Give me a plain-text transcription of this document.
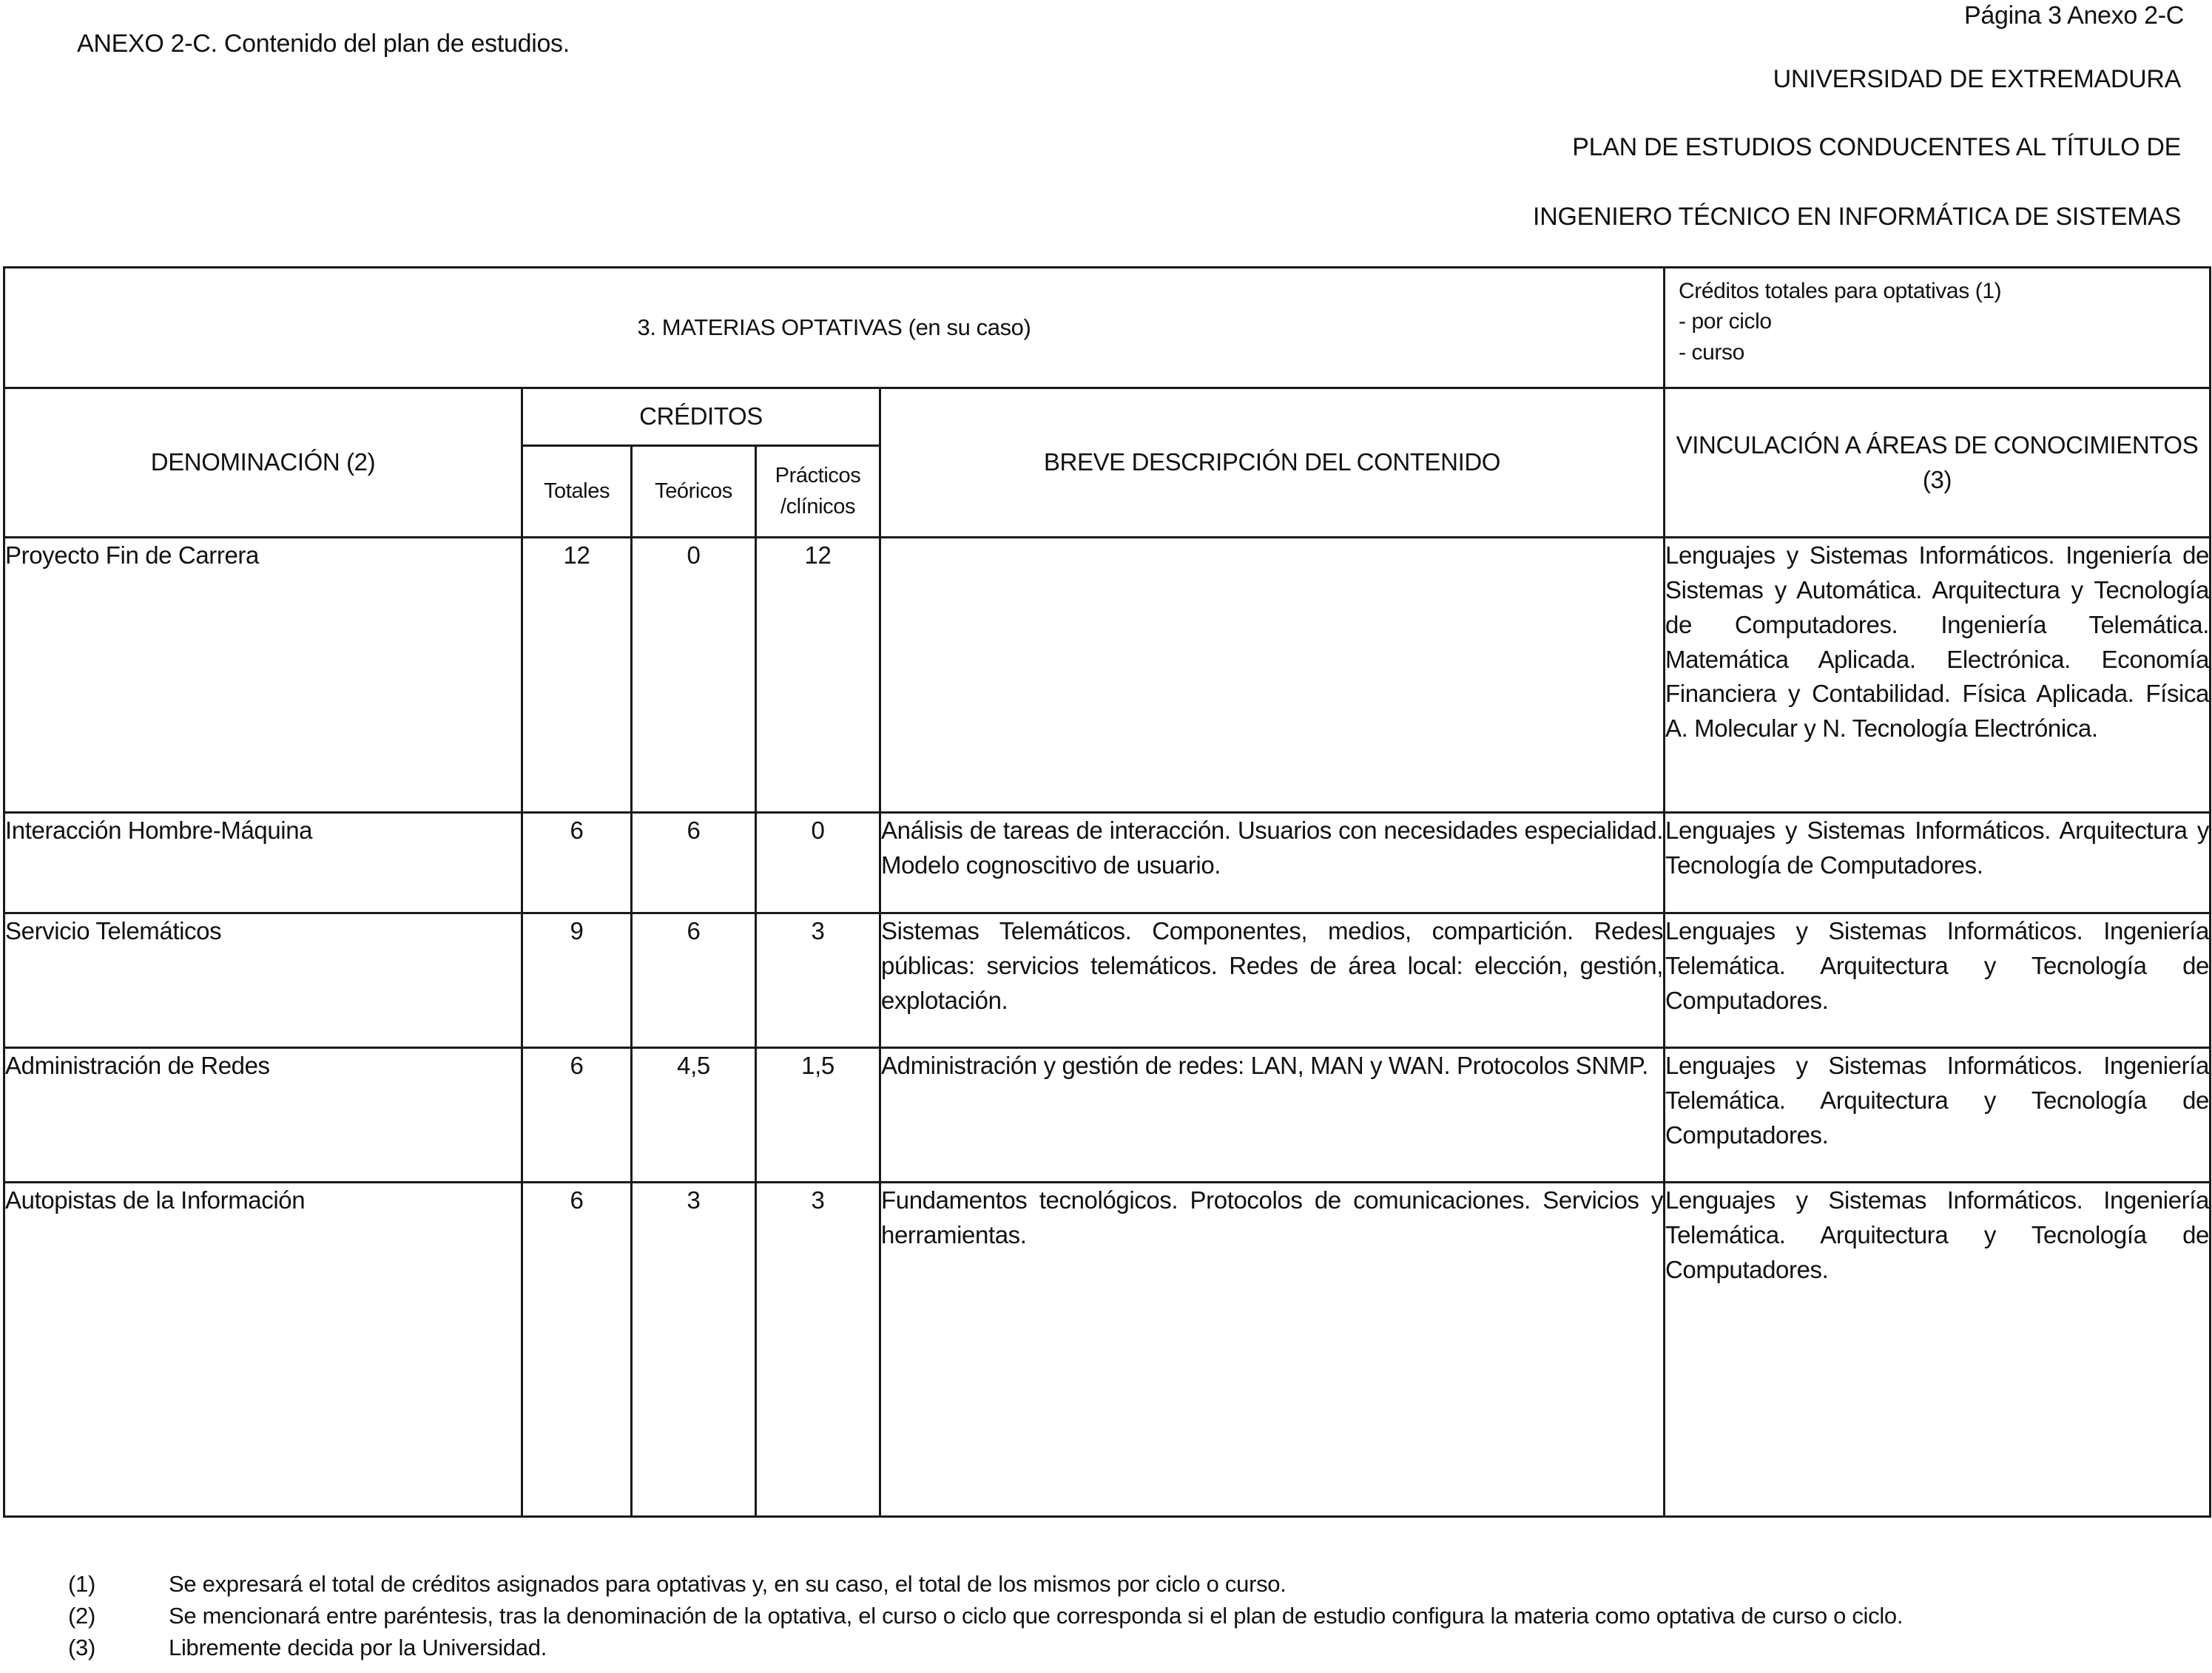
ANEXO 2-C. Contenido del plan de estudios.
Página 3 Anexo 2-C
UNIVERSIDAD DE EXTREMADURA
PLAN DE ESTUDIOS CONDUCENTES AL TÍTULO DE
INGENIERO TÉCNICO EN INFORMÁTICA DE SISTEMAS
3. MATERIAS OPTATIVAS (en su caso)					Créditos totales para optativas (1)
- por ciclo
- curso

DENOMINACIÓN (2)	CRÉDITOS			BREVE DESCRIPCIÓN DEL CONTENIDO	VINCULACIÓN A ÁREAS DE CONOCIMIENTOS (3)
	Totales	Teóricos	Prácticos /clínicos		
Proyecto Fin de Carrera	12	0	12		Lenguajes y Sistemas Informáticos. Ingeniería de Sistemas y Automática. Arquitectura y Tecnología de Computadores. Ingeniería Telemática. Matemática Aplicada. Electrónica. Economía Financiera y Contabilidad. Física Aplicada. Física A. Molecular y N. Tecnología Electrónica.
Interacción Hombre-Máquina	6	6	0	Análisis de tareas de interacción. Usuarios con necesidades especialidad. Modelo cognoscitivo de usuario.	Lenguajes y Sistemas Informáticos. Arquitectura y Tecnología de Computadores.
Servicio Telemáticos	9	6	3	Sistemas Telemáticos. Componentes, medios, compartición. Redes públicas: servicios telemáticos. Redes de área local: elección, gestión, explotación.	Lenguajes y Sistemas Informáticos. Ingeniería Telemática. Arquitectura y Tecnología de Computadores.
Administración de Redes	6	4,5	1,5	Administración y gestión de redes: LAN, MAN y WAN. Protocolos SNMP.	Lenguajes y Sistemas Informáticos. Ingeniería Telemática. Arquitectura y Tecnología de Computadores.
Autopistas de la Información	6	3	3	Fundamentos tecnológicos. Protocolos de comunicaciones. Servicios y herramientas.	Lenguajes y Sistemas Informáticos. Ingeniería Telemática. Arquitectura y Tecnología de Computadores.
(1)	Se expresará el total de créditos asignados para optativas y, en su caso, el total de los mismos por ciclo o curso.
(2)	Se mencionará entre paréntesis, tras la denominación de la optativa, el curso o ciclo que corresponda si el plan de estudio configura la materia como optativa de curso o ciclo.
(3)	Libremente decida por la Universidad.
